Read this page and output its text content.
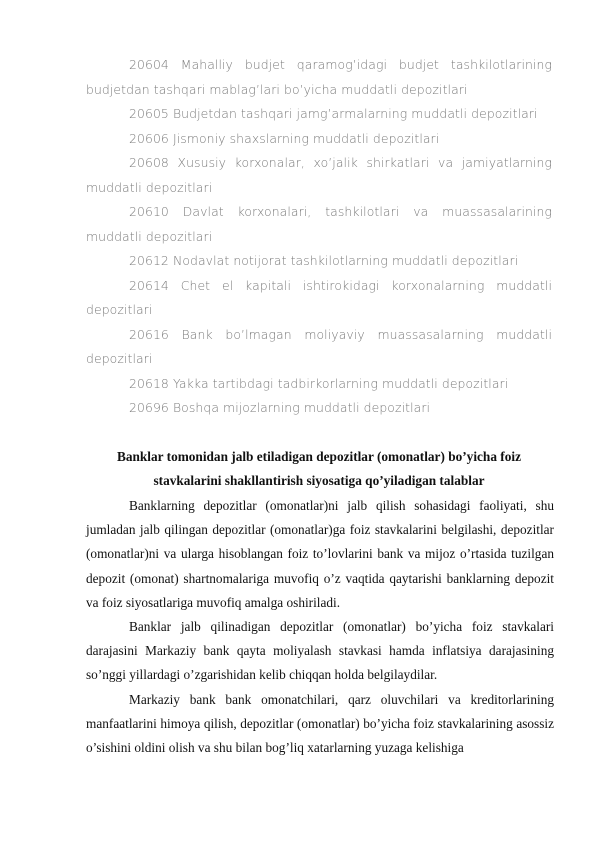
20604 Mahalliy budjet qaramog’idagi budjet tashkilotlarining budjetdan tashqari mablag’lari bo’yicha muddatli depozitlari

20605 Budjetdan tashqari jamg’armalarning muddatli depozitlari

20606 Jismoniy shaxslarning muddatli depozitlari

20608 Xususiy korxonalar, xo’jalik shirkatlari va jamiyatlarning muddatli depozitlari

20610 Davlat korxonalari, tashkilotlari va muassasalarining muddatli depozitlari

20612 Nodavlat notijorat tashkilotlarning muddatli depozitlari

20614 Chet el kapitali ishtirokidagi korxonalarning muddatli depozitlari

20616 Bank bo’lmagan moliyaviy muassasalarning muddatli depozitlari

20618 Yakka tartibdagi tadbirkorlarning muddatli depozitlari

20696 Boshqa mijozlarning muddatli depozitlari

Banklar tomonidan jalb etiladigan depozitlar (omonatlar) bo’yicha foiz stavkalarini shakllantirish siyosatiga qo’yiladigan talablar

Banklarning depozitlar (omonatlar)ni jalb qilish sohasidagi faoliyati, shu jumladan jalb qilingan depozitlar (omonatlar)ga foiz stavkalarini belgilashi, depozitlar (omonatlar)ni va ularga hisoblangan foiz to’lovlarini bank va mijoz o’rtasida tuzilgan depozit (omonat) shartnomalariga muvofiq o’z vaqtida qaytarishi banklarning depozit va foiz siyosatlariga muvofiq amalga oshiriladi.

Banklar jalb qilinadigan depozitlar (omonatlar) bo’yicha foiz stavkalari darajasini Markaziy bank qayta moliyalash stavkasi hamda inflatsiya darajasining so’nggi yillardagi o’zgarishidan kelib chiqqan holda belgilaydilar.

Markaziy bank bank omonatchilari, qarz oluvchilari va kreditorlarining manfaatlarini himoya qilish, depozitlar (omonatlar) bo’yicha foiz stavkalarining asossiz o’sishini oldini olish va shu bilan bog’liq xatarlarning yuzaga kelishiga
